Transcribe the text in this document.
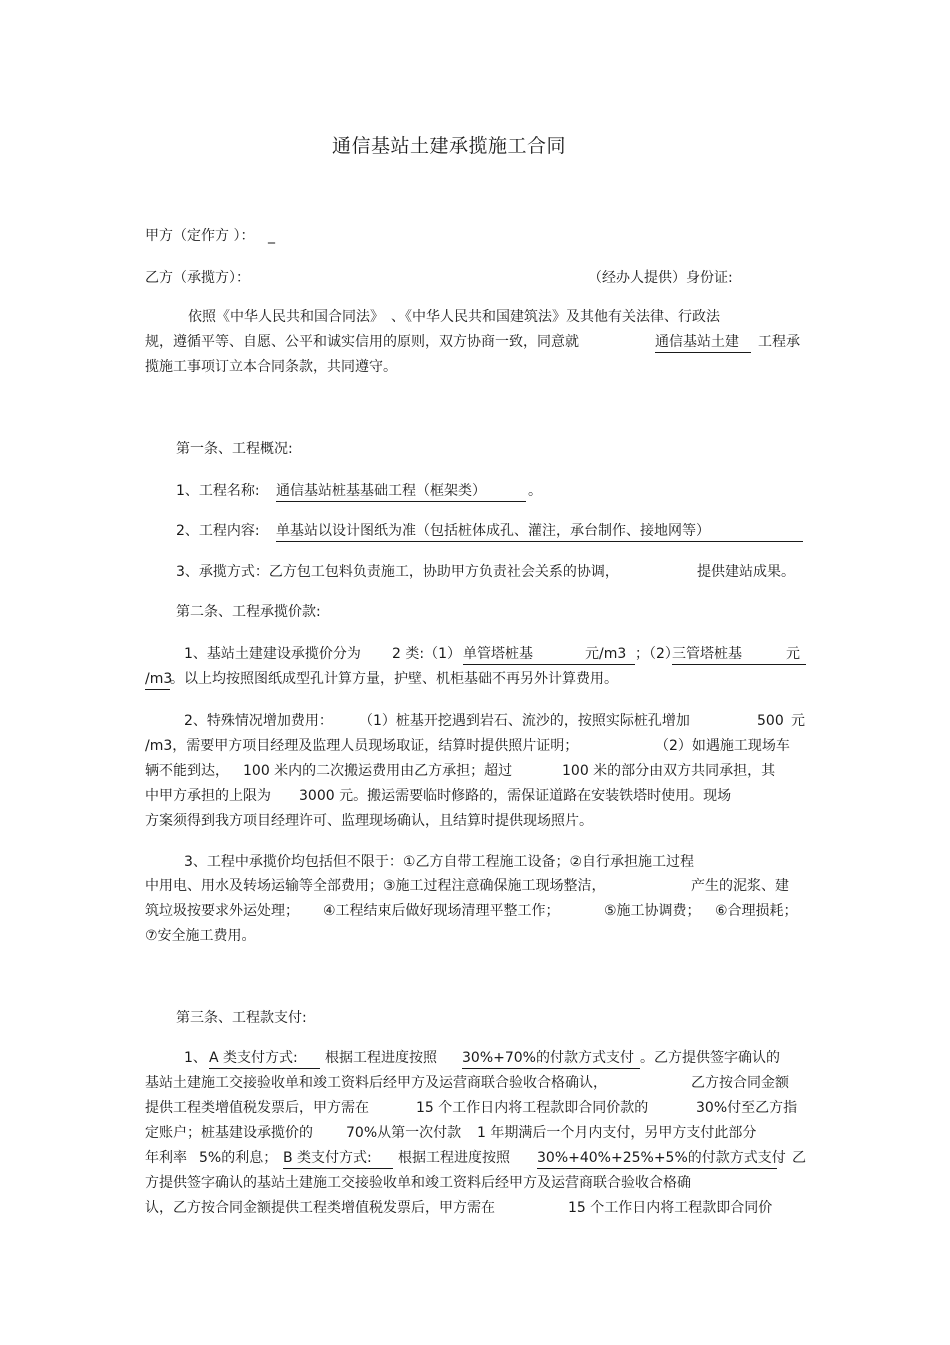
通信基站土建承揽施工合同
甲方（定作方 ）： _
乙方（承揽方）：	（经办人提供）身份证:
依照《中华人民共和国合同法》　、《中华人民共和国建筑法》及其他有关法律、行政法
规，遵循平等、自愿、公平和诚实信用的原则，双方协商一致，同意就	通信基站土建	工程承
揽施工事项订立本合同条款，共同遵守。
第一条、工程概况:
1、工程名称: 通信基站桩基基础工程（框架类）	。
2、工程内容: 单基站以设计图纸为准（包括桩体成孔、灌注，承台制作、接地网等）
3、承揽方式：乙方包工包料负责施工，协助甲方负责社会关系的协调，	提供建站成果。
第二条、工程承揽价款:
1、基站土建建设承揽价分为 2 类:（1） 单管塔桩基	元/m3 ；（2）
三管塔桩基	元
/m3
。以上均按照图纸成型孔计算方量，护壁、机柜基础不再另外计算费用。
2、特殊情况增加费用： （1）桩基开挖遇到岩石、流沙的，按照实际桩孔增加	500 元
/m3，需要甲方项目经理及监理人员现场取证，结算时提供照片证明；	（2）如遇施工现场车
辆不能到达， 100 米内的二次搬运费用由乙方承担；超过	100 米的部分由双方共同承担，其
中甲方承担的上限为 3000 元。搬运需要临时修路的，需保证道路在安装铁塔时使用。现场
方案须得到我方项目经理许可、监理现场确认，且结算时提供现场照片。
3、工程中承揽价均包括但不限于：①乙方自带工程施工设备；②自行承担施工过程
中用电、用水及转场运输等全部费用；③施工过程注意确保施工现场整洁，	产生的泥浆、建
筑垃圾按要求外运处理； ④工程结束后做好现场清理平整工作；	⑤施工协调费； ⑥合理损耗；
⑦安全施工费用。
第三条、工程款支付:
1、 A 类支付方式:	根据工程进度按照 30%+70%的付款方式支付 。乙方提供签字确认的
基站土建施工交接验收单和竣工资料后经甲方及运营商联合验收合格确认，	乙方按合同金额
提供工程类增值税发票后，甲方需在	15 个工作日内将工程款即合同价款的	30%付至乙方指
定账户；桩基建设承揽价的 70%从第一次付款 1 年期满后一个月内支付，另甲方支付此部分
年利率 5%的利息； B 类支付方式:	根据工程进度按照 30%+40%+25%+5%的付款方式支付
。乙
方提供签字确认的基站土建施工交接验收单和竣工资料后经甲方及运营商联合验收合格确
认，乙方按合同金额提供工程类增值税发票后，甲方需在	15 个工作日内将工程款即合同价
